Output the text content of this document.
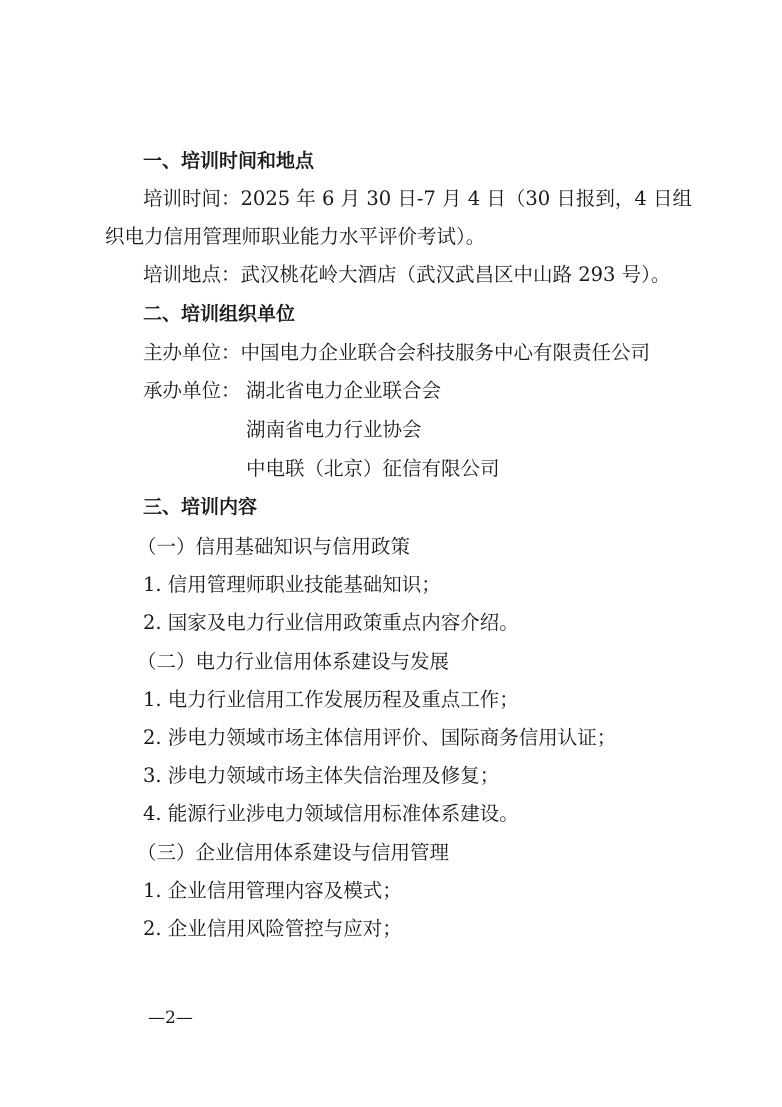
一、培训时间和地点

培训时间：2025 年 6 月 30 日-7 月 4 日（30 日报到，4 日组

织电力信用管理师职业能力水平评价考试）。

培训地点：武汉桃花岭大酒店（武汉武昌区中山路 293 号）。

二、培训组织单位

主办单位：中国电力企业联合会科技服务中心有限责任公司

承办单位： 湖北省电力企业联合会

湖南省电力行业协会

中电联（北京）征信有限公司

三、培训内容

（一）信用基础知识与信用政策

1. 信用管理师职业技能基础知识；

2. 国家及电力行业信用政策重点内容介绍。

（二）电力行业信用体系建设与发展

1. 电力行业信用工作发展历程及重点工作；

2. 涉电力领域市场主体信用评价、国际商务信用认证；

3. 涉电力领域市场主体失信治理及修复；

4. 能源行业涉电力领域信用标准体系建设。

（三）企业信用体系建设与信用管理

1. 企业信用管理内容及模式；

2. 企业信用风险管控与应对；

—2—
